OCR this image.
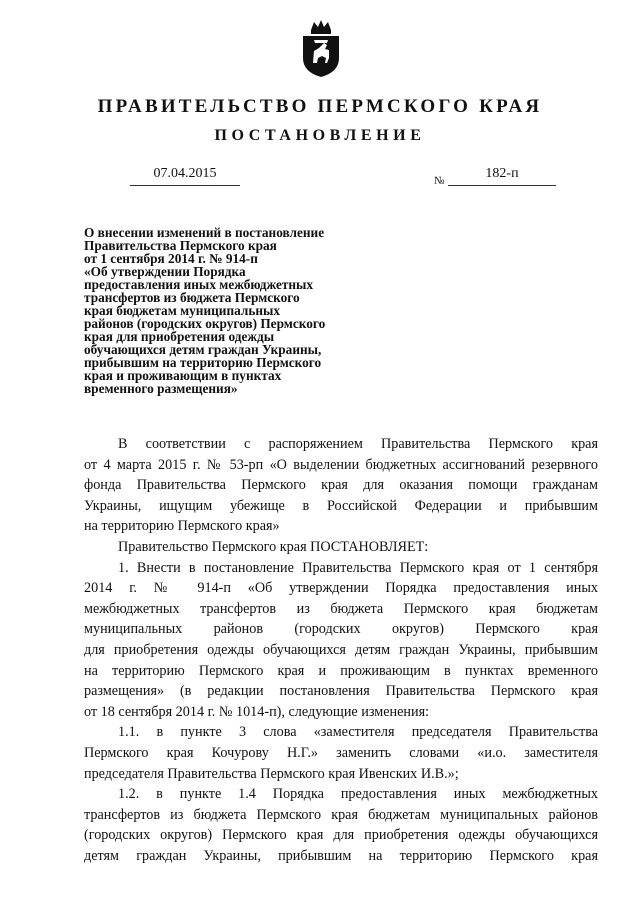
ПРАВИТЕЛЬСТВО ПЕРМСКОГО КРАЯ
ПОСТАНОВЛЕНИЕ
07.04.2015	№	182-п
О внесении изменений в постановление
Правительства Пермского края
от 1 сентября 2014 г. № 914-п
«Об утверждении Порядка
предоставления иных межбюджетных
трансфертов из бюджета Пермского
края бюджетам муниципальных
районов (городских округов) Пермского
края для приобретения одежды
обучающихся детям граждан Украины,
прибывшим на территорию Пермского
края и проживающим в пунктах
временного размещения»
В соответствии с распоряжением Правительства Пермского края
от 4 марта 2015 г. № 53-рп «О выделении бюджетных ассигнований резервного
фонда Правительства Пермского края для оказания помощи гражданам
Украины, ищущим убежище в Российской Федерации и прибывшим
на территорию Пермского края»
Правительство Пермского края ПОСТАНОВЛЯЕТ:
1. Внести в постановление Правительства Пермского края от 1 сентября
2014 г. № 914-п «Об утверждении Порядка предоставления иных
межбюджетных трансфертов из бюджета Пермского края бюджетам
муниципальных районов (городских округов) Пермского края
для приобретения одежды обучающихся детям граждан Украины, прибывшим
на территорию Пермского края и проживающим в пунктах временного
размещения» (в редакции постановления Правительства Пермского края
от 18 сентября 2014 г. № 1014-п), следующие изменения:
1.1. в пункте 3 слова «заместителя председателя Правительства
Пермского края Кочурову Н.Г.» заменить словами «и.о. заместителя
председателя Правительства Пермского края Ивенских И.В.»;
1.2. в пункте 1.4 Порядка предоставления иных межбюджетных
трансфертов из бюджета Пермского края бюджетам муниципальных районов
(городских округов) Пермского края для приобретения одежды обучающихся
детям граждан Украины, прибывшим на территорию Пермского края
